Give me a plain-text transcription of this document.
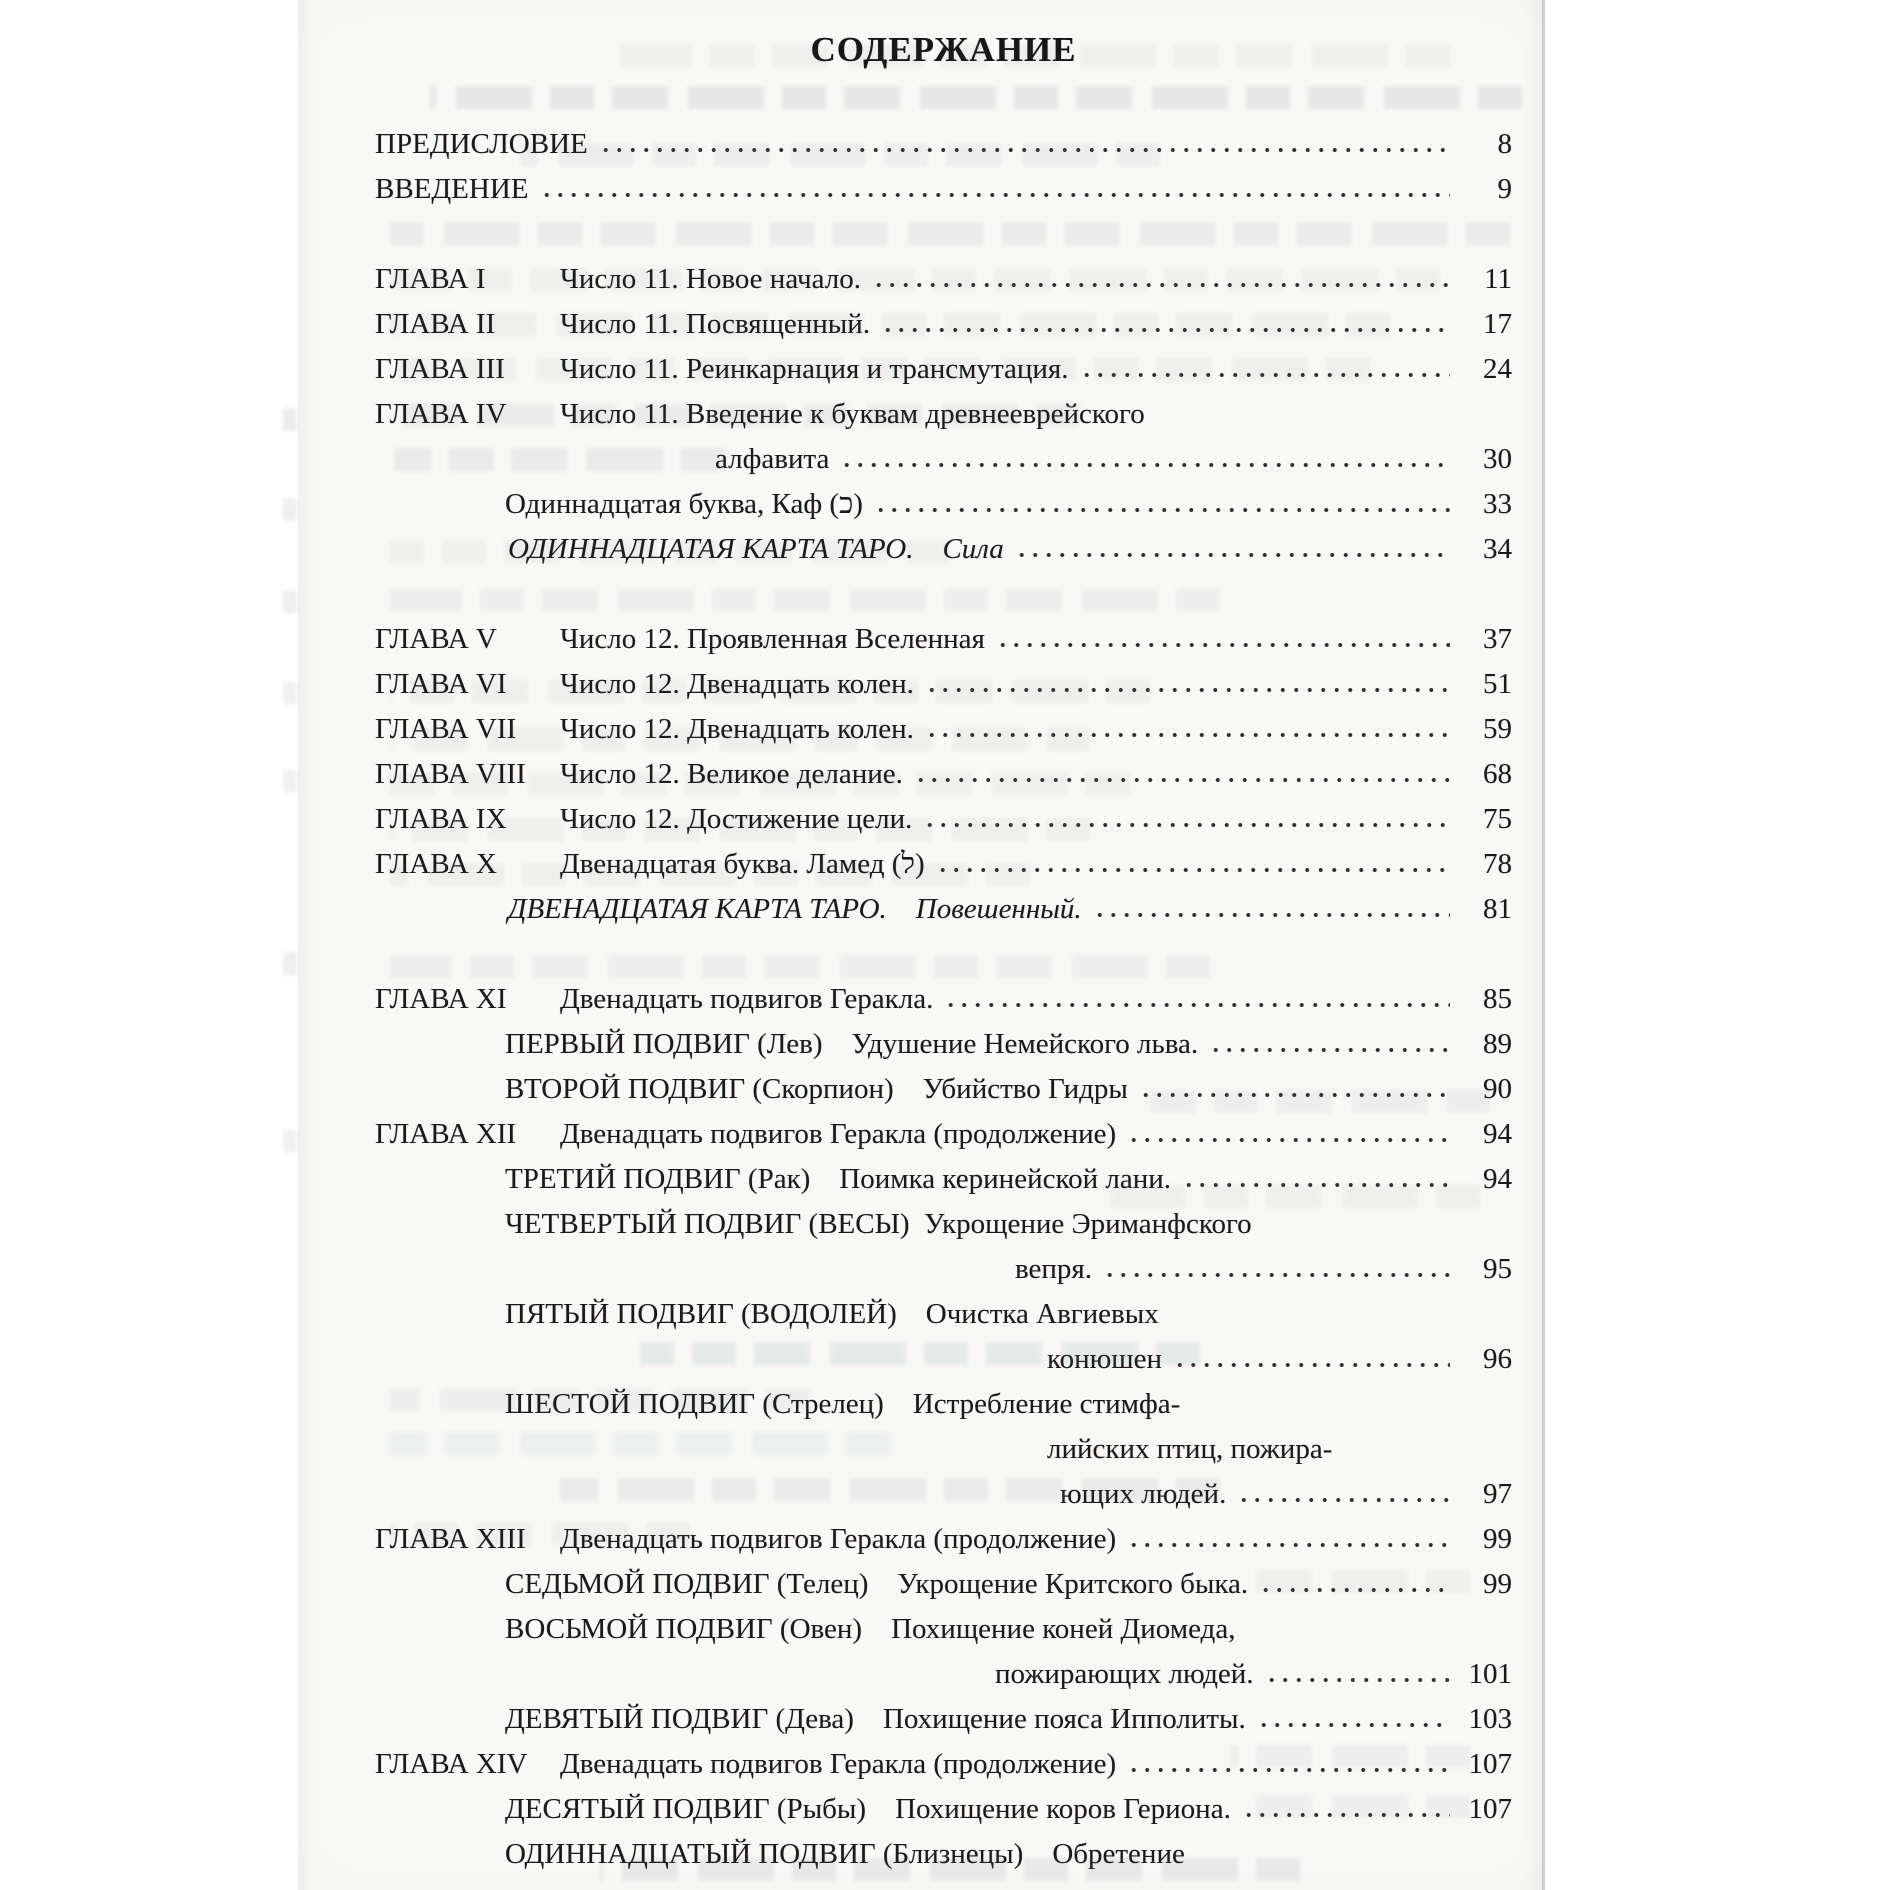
СОДЕРЖАНИЕ
ПРЕДИСЛОВИЕ	8
ВВЕДЕНИЕ	9
ГЛАВА I	Число 11. Новое начало.	11
ГЛАВА II	Число 11. Посвященный.	17
ГЛАВА III	Число 11. Реинкарнация и трансмутация.	24
ГЛАВА IV	Число 11. Введение к буквам древнееврейского
алфавита	30
Одиннадцатая буква, Каф (כ)	33
ОДИННАДЦАТАЯ КАРТА ТАРО. Сила	34
ГЛАВА V	Число 12. Проявленная Вселенная	37
ГЛАВА VI	Число 12. Двенадцать колен.	51
ГЛАВА VII	Число 12. Двенадцать колен.	59
ГЛАВА VIII	Число 12. Великое делание.	68
ГЛАВА IX	Число 12. Достижение цели.	75
ГЛАВА X	Двенадцатая буква. Ламед (ל)	78
ДВЕНАДЦАТАЯ КАРТА ТАРО. Повешенный.	81
ГЛАВА XI	Двенадцать подвигов Геракла.	85
ПЕРВЫЙ ПОДВИГ (Лев) Удушение Немейского льва.	89
ВТОРОЙ ПОДВИГ (Скорпион) Убийство Гидры	90
ГЛАВА XII	Двенадцать подвигов Геракла (продолжение)	94
ТРЕТИЙ ПОДВИГ (Рак) Поимка керинейской лани.	94
ЧЕТВЕРТЫЙ ПОДВИГ (ВЕСЫ) Укрощение Эриманфского
вепря.	95
ПЯТЫЙ ПОДВИГ (ВОДОЛЕЙ) Очистка Авгиевых
конюшен	96
ШЕСТОЙ ПОДВИГ (Стрелец) Истребление стимфа-
лийских птиц, пожира-
ющих людей.	97
ГЛАВА XIII	Двенадцать подвигов Геракла (продолжение)	99
СЕДЬМОЙ ПОДВИГ (Телец) Укрощение Критского быка.	99
ВОСЬМОЙ ПОДВИГ (Овен) Похищение коней Диомеда,
пожирающих людей.	101
ДЕВЯТЫЙ ПОДВИГ (Дева) Похищение пояса Ипполиты.	103
ГЛАВА XIV	Двенадцать подвигов Геракла (продолжение)	107
ДЕСЯТЫЙ ПОДВИГ (Рыбы) Похищение коров Гериона.	107
ОДИННАДЦАТЫЙ ПОДВИГ (Близнецы) Обретение
